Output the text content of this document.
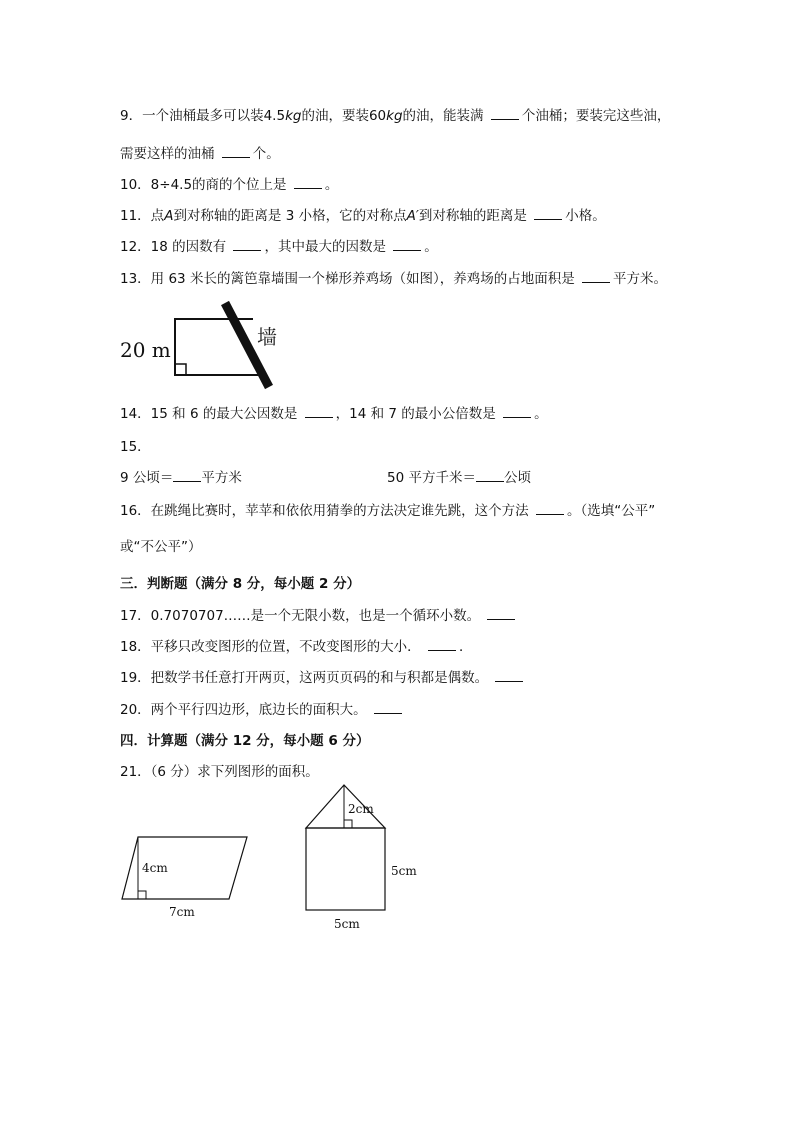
9．一个油桶最多可以装4.5kg的油，要装60kg的油，能装满	个油桶；要装完这些油，
需要这样的油桶	个。
10．8÷4.5的商的个位上是	。
11．点A到对称轴的距离是 3 小格，它的对称点A′到对称轴的距离是	小格。
12．18 的因数有	，其中最大的因数是	。
13．用 63 米长的篱笆靠墙围一个梯形养鸡场（如图），养鸡场的占地面积是	平方米。
20 m
墙
14．15 和 6 的最大公因数是	，14 和 7 的最小公倍数是	。
15．
9 公顷＝ 平方米	50 平方千米＝ 公顷
16．在跳绳比赛时，苹苹和依依用猜拳的方法决定谁先跳，这个方法	。（选填“公平”
或“不公平”）
三．判断题（满分 8 分，每小题 2 分）
17．0.7070707……是一个无限小数，也是一个循环小数。
18．平移只改变图形的位置，不改变图形的大小．	．
19．把数学书任意打开两页，这两页页码的和与积都是偶数。
20．两个平行四边形，底边长的面积大。
四．计算题（满分 12 分，每小题 6 分）
21．（6 分）求下列图形的面积。
4cm
7cm
2cm
5cm
5cm
